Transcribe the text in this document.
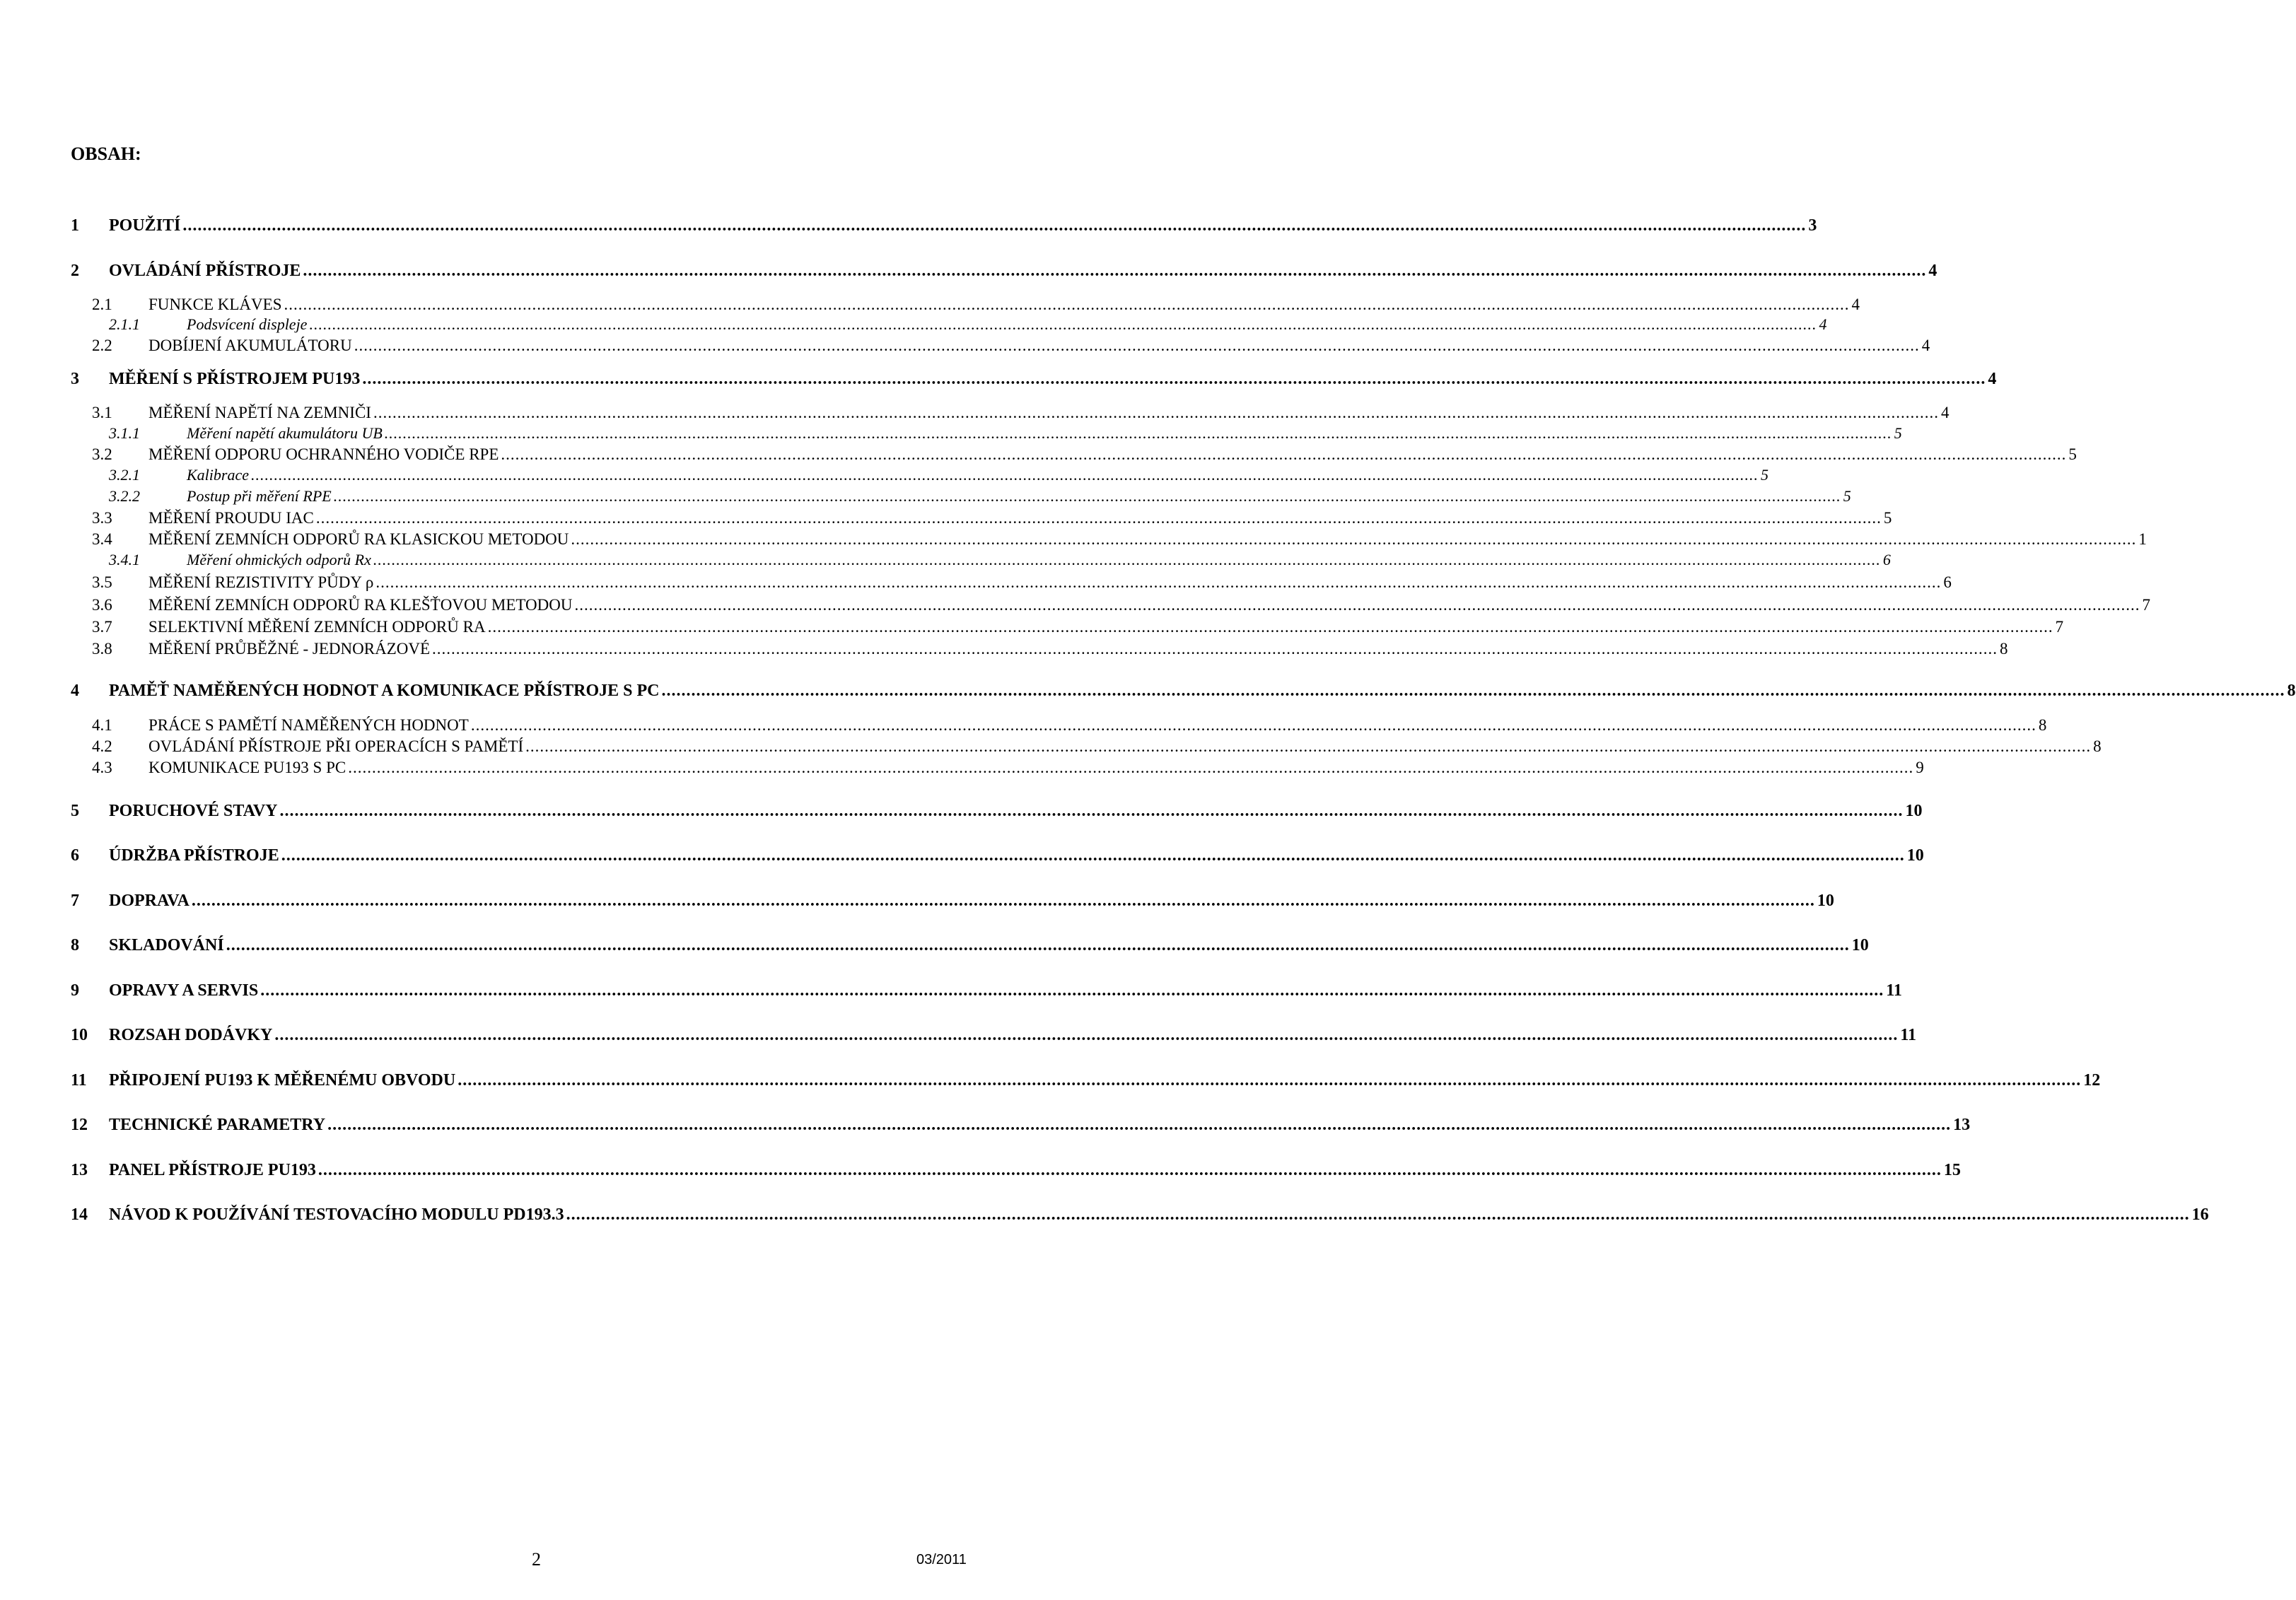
OBSAH:
1	POUŽITÍ .....	3
2	OVLÁDÁNÍ PŘÍSTROJE .....	4
2.1	FUNKCE KLÁVES .....	4
2.1.1	Podsvícení displeje .....	4
2.2	DOBÍJENÍ AKUMULÁTORU .....	4
3	MĚŘENÍ S PŘÍSTROJEM PU193 .....	4
3.1	MĚŘENÍ NAPĚTÍ NA ZEMNIČI .....	4
3.1.1	Měření napětí akumulátoru UB .....	5
3.2	MĚŘENÍ ODPORU OCHRANNÉHO VODIČE RPE .....	5
3.2.1	Kalibrace .....	5
3.2.2	Postup při měření RPE .....	5
3.3	MĚŘENÍ PROUDU IAC .....	5
3.4	MĚŘENÍ ZEMNÍCH ODPORŮ RA KLASICKOU METODOU .....	1
3.4.1	Měření ohmických odporů Rx .....	6
3.5	MĚŘENÍ REZISTIVITY PŮDY ρ .....	6
3.6	MĚŘENÍ ZEMNÍCH ODPORŮ RA KLEŠŤOVOU METODOU .....	7
3.7	SELEKTIVNÍ MĚŘENÍ ZEMNÍCH ODPORŮ RA .....	7
3.8	MĚŘENÍ PRŮBĚŽNÉ - JEDNORÁZOVÉ .....	8
4	PAMĚŤ NAMĚŘENÝCH HODNOT A KOMUNIKACE PŘÍSTROJE S PC .....	8
4.1	PRÁCE S PAMĚTÍ NAMĚŘENÝCH HODNOT .....	8
4.2	OVLÁDÁNÍ PŘÍSTROJE PŘI OPERACÍCH S PAMĚTÍ .....	8
4.3	KOMUNIKACE PU193 S PC .....	9
5	PORUCHOVÉ STAVY .....	10
6	ÚDRŽBA PŘÍSTROJE .....	10
7	DOPRAVA .....	10
8	SKLADOVÁNÍ .....	10
9	OPRAVY A SERVIS .....	11
10	ROZSAH DODÁVKY .....	11
11	PŘIPOJENÍ PU193 K MĚŘENÉMU OBVODU .....	12
12	TECHNICKÉ PARAMETRY .....	13
13	PANEL PŘÍSTROJE PU193 .....	15
14	NÁVOD K POUŽÍVÁNÍ TESTOVACÍHO MODULU PD193.3 .....	16
2	03/2011
